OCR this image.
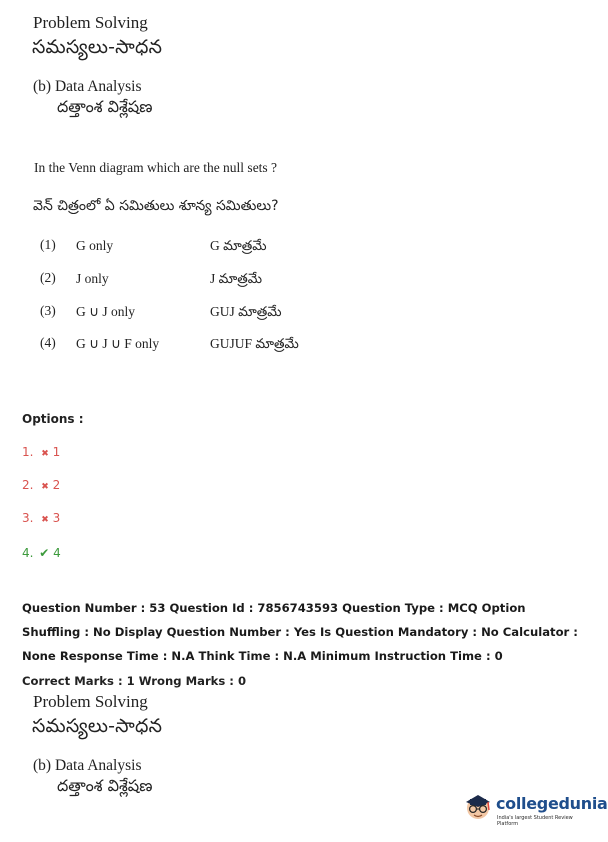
Problem Solving
సమస్యలు-సాధన
(b) Data Analysis
దత్తాంశ విశ్లేషణ
In the Venn diagram which are the null sets ?
వెన్ చిత్రంలో ఏ సమితులు శూన్య సమితులు?
(1) G only	G మాత్రమే
(2) J only	J మాత్రమే
(3) G ∪ J only	GUJ మాత్రమే
(4) G ∪ J ∪ F only	GUJUF మాత్రమే
Options :
1. ✖ 1
2. ✖ 2
3. ✖ 3
4. ✔ 4
Question Number : 53 Question Id : 7856743593 Question Type : MCQ Option Shuffling : No Display Question Number : Yes Is Question Mandatory : No Calculator : None Response Time : N.A Think Time : N.A Minimum Instruction Time : 0
Correct Marks : 1 Wrong Marks : 0
Problem Solving
సమస్యలు-సాధన
(b) Data Analysis
దత్తాంశ విశ్లేషణ
collegedunia
India's largest Student Review Platform
